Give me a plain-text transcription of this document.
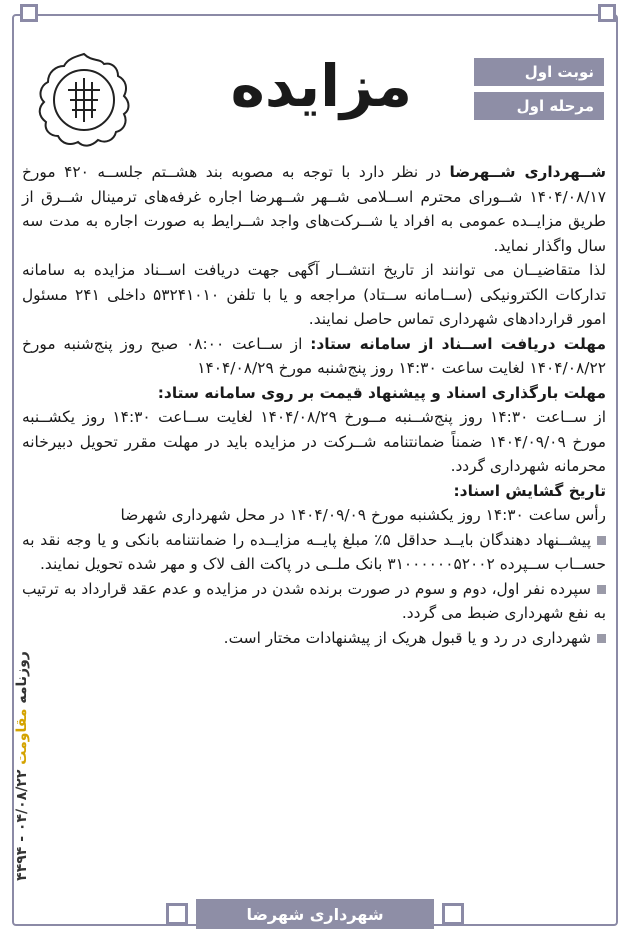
مزایده	نوبت اول
مرحله اول

شــهرداری شــهرضا در نظر دارد با توجه به مصوبه بند هشــتم جلســه ۴۲۰ مورخ ۱۴۰۴/۰۸/۱۷ شــورای محترم اســلامی شــهر شــهرضا اجاره غرفه‌های ترمینال شــرق از طریق مزایــده عمومی به افراد یا شــرکت‌های واجد شــرایط به صورت اجاره به مدت سه سال واگذار نماید.

لذا متقاضیــان می توانند از تاریخ انتشــار آگهی جهت دریافت اســناد مزایده به سامانه تدارکات الکترونیکی (ســامانه ســتاد) مراجعه و یا با تلفن ۵۳۲۴۱۰۱۰ داخلی ۲۴۱ مسئول امور قراردادهای شهرداری تماس حاصل نمایند.

مهلت دریافت اســناد از سامانه ستاد: از ســاعت ۰۸:۰۰ صبح روز پنج‌شنبه مورخ ۱۴۰۴/۰۸/۲۲ لغایت ساعت ۱۴:۳۰ روز پنج‌شنبه مورخ ۱۴۰۴/۰۸/۲۹

مهلت بارگذاری اسناد و پیشنهاد قیمت بر روی سامانه ستاد:

از ســاعت ۱۴:۳۰ روز پنج‌شــنبه مــورخ ۱۴۰۴/۰۸/۲۹ لغایت ســاعت ۱۴:۳۰ روز یکشــنبه مورخ ۱۴۰۴/۰۹/۰۹ ضمناً ضمانتنامه شــرکت در مزایده باید در مهلت مقرر تحویل دبیرخانه محرمانه شهرداری گردد.

تاریخ گشایش اسناد:

رأس ساعت ۱۴:۳۰ روز یکشنبه مورخ ۱۴۰۴/۰۹/۰۹ در محل شهرداری شهرضا

پیشــنهاد دهندگان بایــد حداقل ۵٪ مبلغ پایــه مزایــده را ضمانتنامه بانکی و یا وجه نقد به حســاب ســپرده ۳۱۰۰۰۰۰۰۵۲۰۰۲ بانک ملــی در پاکت الف لاک و مهر شده تحویل نمایند.

سپرده نفر اول، دوم و سوم در صورت برنده شدن در مزایده و عدم عقد قرارداد به ترتیب به نفع شهرداری ضبط می گردد.

شهرداری در رد و یا قبول هریک از پیشنهادات مختار است.

روزنامه مقاومت ۰۴/۰۸/۲۲ - ۴۴۹۴
شهرداری شهرضا
